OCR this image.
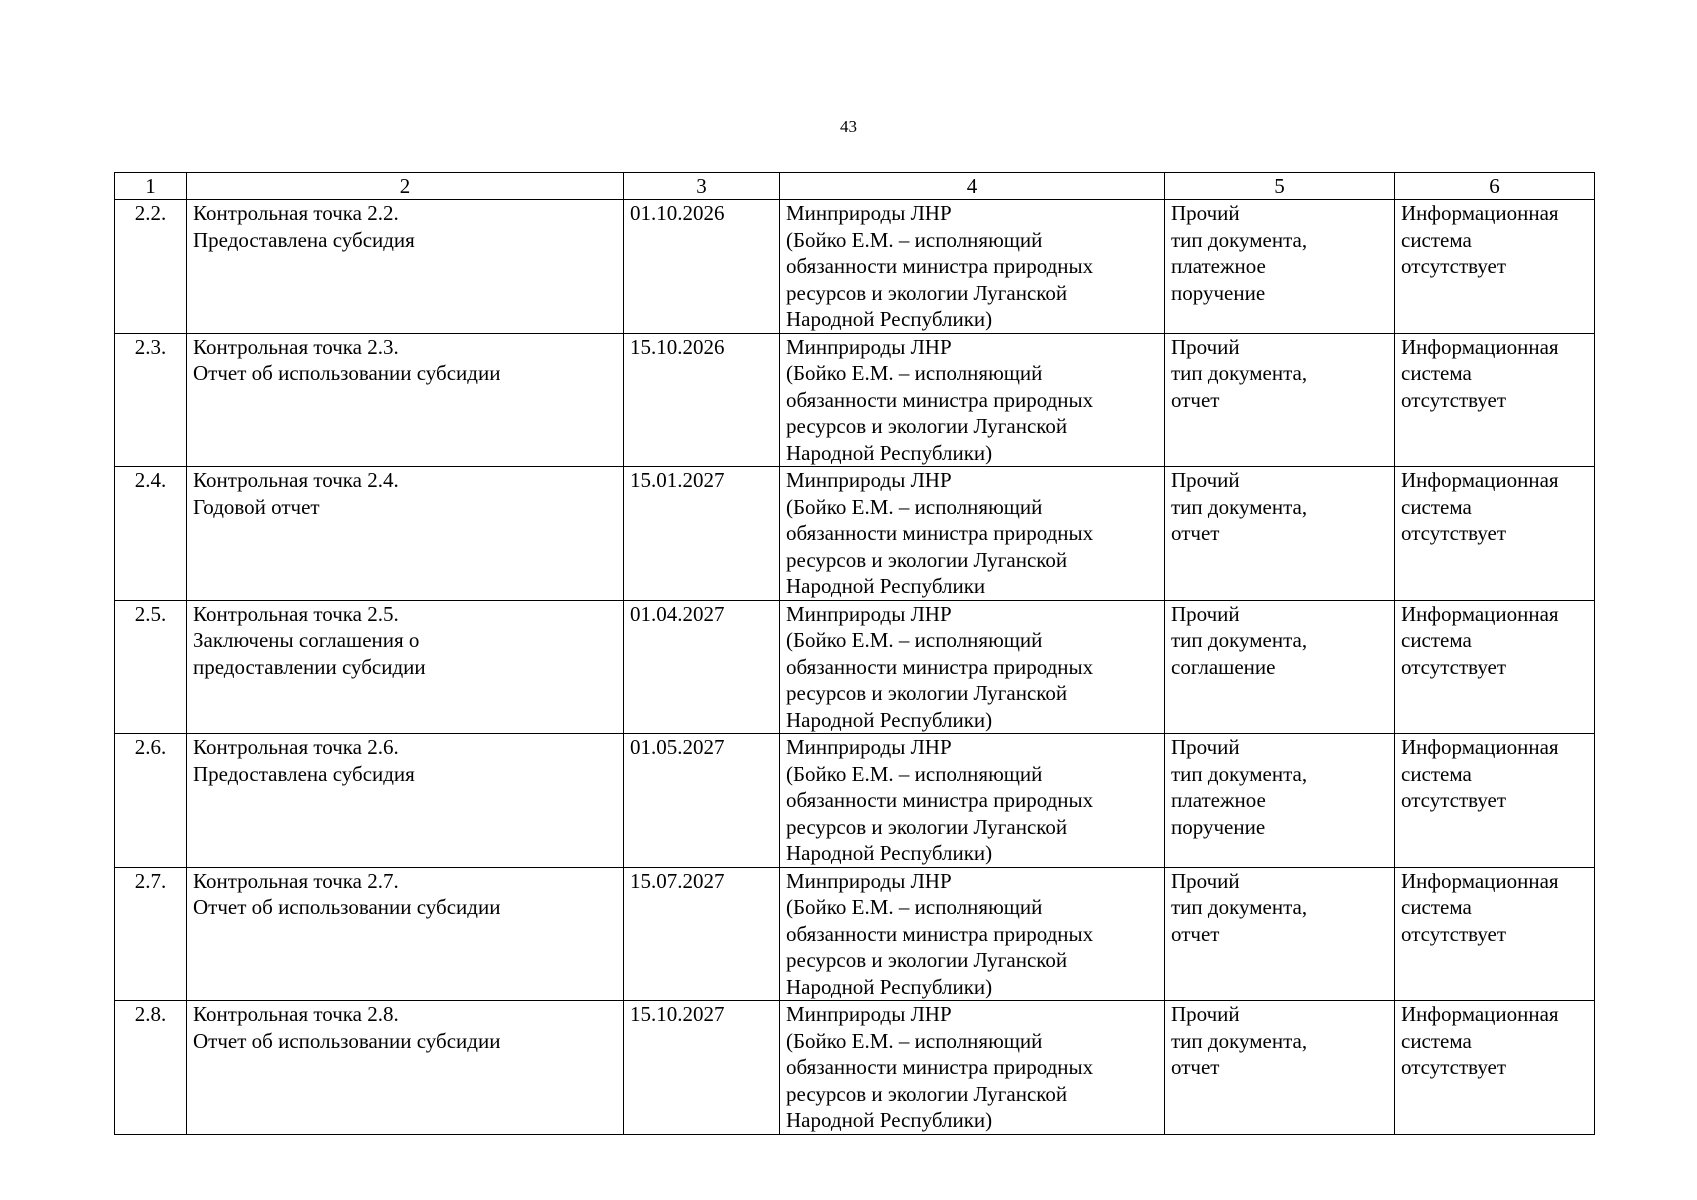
43
1	2	3	4	5	6
2.2.	Контрольная точка 2.2.
Предоставлена субсидия	01.10.2026	Минприроды ЛНР
(Бойко Е.М. – исполняющий
обязанности министра природных
ресурсов и экологии Луганской
Народной Республики)	Прочий
тип документа,
платежное
поручение	Информационная
система
отсутствует

2.3.	Контрольная точка 2.3.
Отчет об использовании субсидии	15.10.2026	Минприроды ЛНР
(Бойко Е.М. – исполняющий
обязанности министра природных
ресурсов и экологии Луганской
Народной Республики)	Прочий
тип документа,
отчет	Информационная
система
отсутствует

2.4.	Контрольная точка 2.4.
Годовой отчет	15.01.2027	Минприроды ЛНР
(Бойко Е.М. – исполняющий
обязанности министра природных
ресурсов и экологии Луганской
Народной Республики	Прочий
тип документа,
отчет	Информационная
система
отсутствует

2.5.	Контрольная точка 2.5.
Заключены соглашения о
предоставлении субсидии	01.04.2027	Минприроды ЛНР
(Бойко Е.М. – исполняющий
обязанности министра природных
ресурсов и экологии Луганской
Народной Республики)	Прочий
тип документа,
соглашение	Информационная
система
отсутствует

2.6.	Контрольная точка 2.6.
Предоставлена субсидия	01.05.2027	Минприроды ЛНР
(Бойко Е.М. – исполняющий
обязанности министра природных
ресурсов и экологии Луганской
Народной Республики)	Прочий
тип документа,
платежное
поручение	Информационная
система
отсутствует

2.7.	Контрольная точка 2.7.
Отчет об использовании субсидии	15.07.2027	Минприроды ЛНР
(Бойко Е.М. – исполняющий
обязанности министра природных
ресурсов и экологии Луганской
Народной Республики)	Прочий
тип документа,
отчет	Информационная
система
отсутствует

2.8.	Контрольная точка 2.8.
Отчет об использовании субсидии	15.10.2027	Минприроды ЛНР
(Бойко Е.М. – исполняющий
обязанности министра природных
ресурсов и экологии Луганской
Народной Республики)	Прочий
тип документа,
отчет	Информационная
система
отсутствует
